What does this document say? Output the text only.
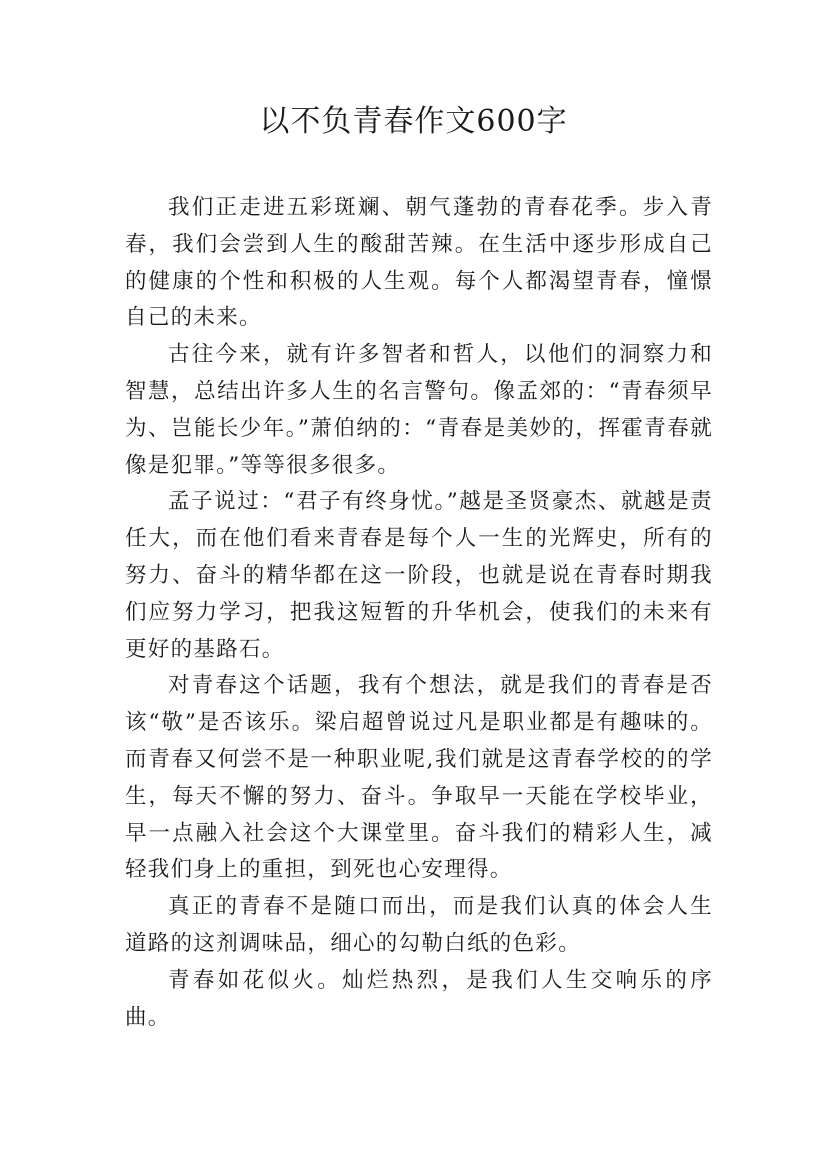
以不负青春作文600字

我们正走进五彩斑斓、朝气蓬勃的青春花季。步入青春，我们会尝到人生的酸甜苦辣。在生活中逐步形成自己的健康的个性和积极的人生观。每个人都渴望青春，憧憬自己的未来。

古往今来，就有许多智者和哲人，以他们的洞察力和智慧，总结出许多人生的名言警句。像孟郊的：“青春须早为、岂能长少年。”萧伯纳的：“青春是美妙的，挥霍青春就像是犯罪。”等等很多很多。

孟子说过：“君子有终身忧。”越是圣贤豪杰、就越是责任大，而在他们看来青春是每个人一生的光辉史，所有的努力、奋斗的精华都在这一阶段，也就是说在青春时期我们应努力学习，把我这短暂的升华机会，使我们的未来有更好的基路石。

对青春这个话题，我有个想法，就是我们的青春是否该“敬”是否该乐。梁启超曾说过凡是职业都是有趣味的。而青春又何尝不是一种职业呢,我们就是这青春学校的的学生，每天不懈的努力、奋斗。争取早一天能在学校毕业，早一点融入社会这个大课堂里。奋斗我们的精彩人生，减轻我们身上的重担，到死也心安理得。

真正的青春不是随口而出，而是我们认真的体会人生道路的这剂调味品，细心的勾勒白纸的色彩。

青春如花似火。灿烂热烈，是我们人生交响乐的序曲。
